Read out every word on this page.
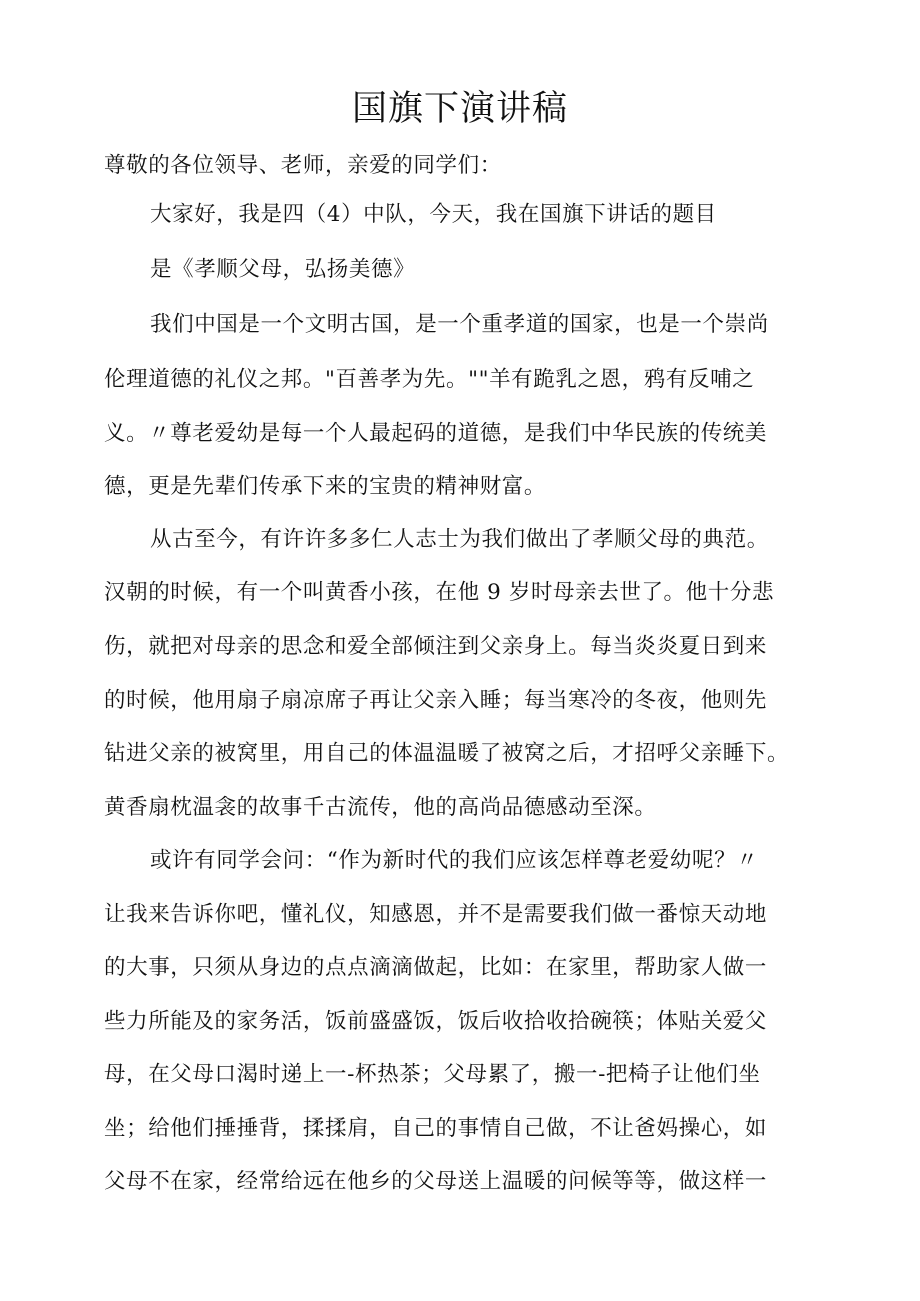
国旗下演讲稿

尊敬的各位领导、老师，亲爱的同学们：

大家好，我是四（4）中队，今天，我在国旗下讲话的题目

是《孝顺父母，弘扬美德》

我们中国是一个文明古国，是一个重孝道的国家，也是一个崇尚

伦理道德的礼仪之邦。"百善孝为先。""羊有跪乳之恩，鸦有反哺之

义。〃尊老爱幼是每一个人最起码的道德，是我们中华民族的传统美

德，更是先辈们传承下来的宝贵的精神财富。

从古至今，有许许多多仁人志士为我们做出了孝顺父母的典范。

汉朝的时候，有一个叫黄香小孩，在他 9 岁时母亲去世了。他十分悲

伤，就把对母亲的思念和爱全部倾注到父亲身上。每当炎炎夏日到来

的时候，他用扇子扇凉席子再让父亲入睡；每当寒冷的冬夜，他则先

钻进父亲的被窝里，用自己的体温温暖了被窝之后，才招呼父亲睡下。

黄香扇枕温衾的故事千古流传，他的高尚品德感动至深。

或许有同学会问：“作为新时代的我们应该怎样尊老爱幼呢？〃

让我来告诉你吧，懂礼仪，知感恩，并不是需要我们做一番惊天动地

的大事，只须从身边的点点滴滴做起，比如：在家里，帮助家人做一

些力所能及的家务活，饭前盛盛饭，饭后收拾收拾碗筷；体贴关爱父

母，在父母口渴时递上一-杯热茶；父母累了，搬一-把椅子让他们坐

坐；给他们捶捶背，揉揉肩，自己的事情自己做，不让爸妈操心，如

父母不在家，经常给远在他乡的父母送上温暖的问候等等，做这样一
